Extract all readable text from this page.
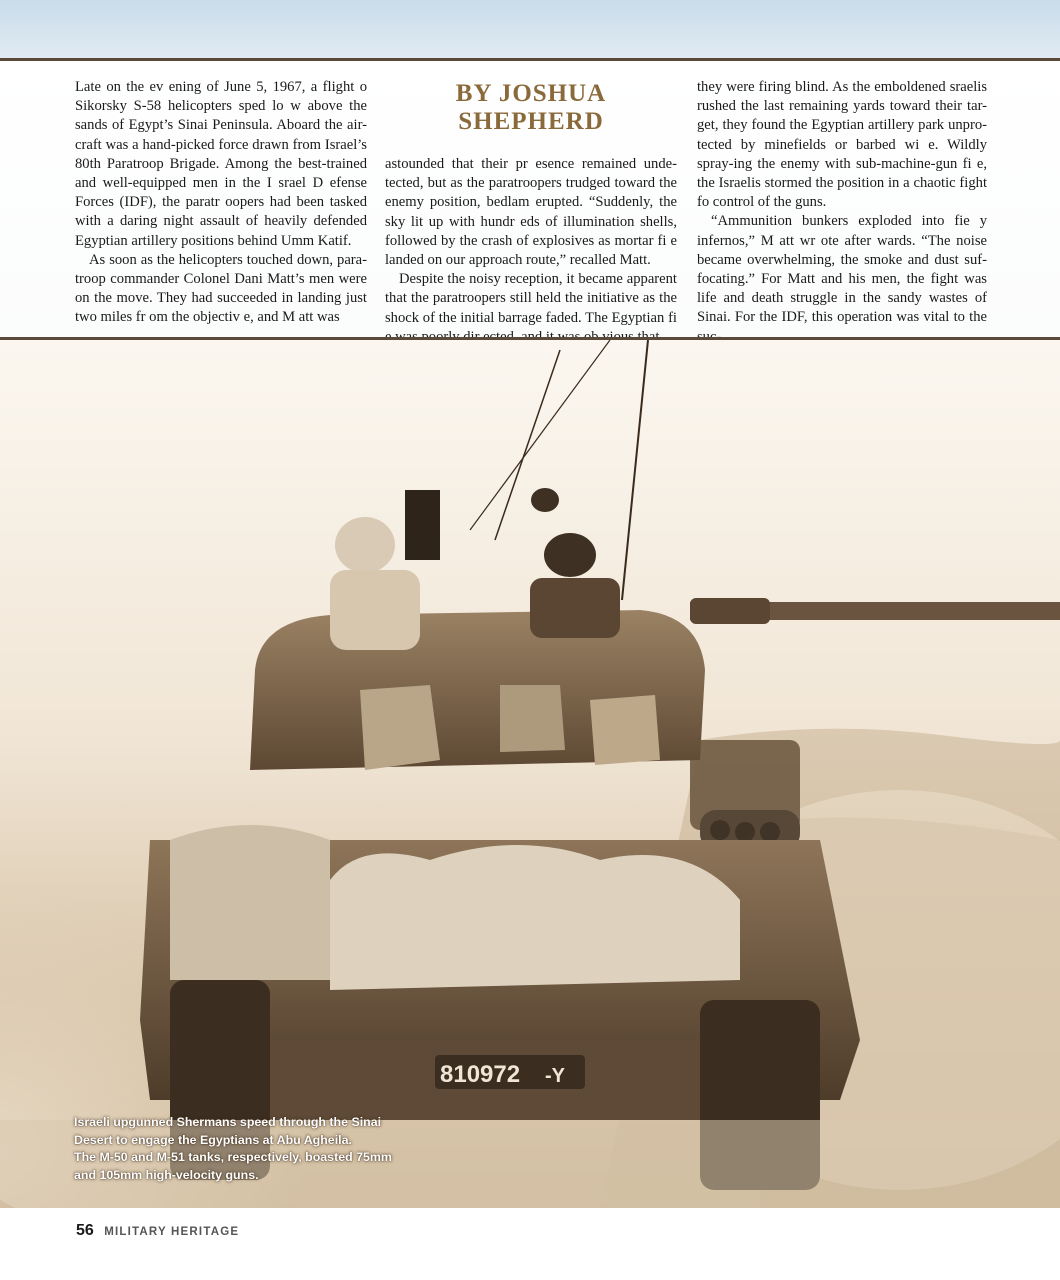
Late on the ev ening of June 5, 1967, a flight o Sikorsky S-58 helicopters sped lo w above the sands of Egypt’s Sinai Peninsula. Aboard the air-craft was a hand-picked force drawn from Israel’s 80th Paratroop Brigade. Among the best-trained and well-equipped men in the I srael D efense Forces (IDF), the paratr oopers had been tasked with a daring night assault of heavily defended Egyptian artillery positions behind Umm Katif.

As soon as the helicopters touched down, para-troop commander Colonel Dani Matt’s men were on the move. They had succeeded in landing just two miles fr om the objectiv e, and M att was

BY JOSHUA SHEPHERD

astounded that their pr esence remained unde-tected, but as the paratroopers trudged toward the enemy position, bedlam erupted. “Suddenly, the sky lit up with hundr eds of illumination shells, followed by the crash of explosives as mortar fi e landed on our approach route,” recalled Matt.

Despite the noisy reception, it became apparent that the paratroopers still held the initiative as the shock of the initial barrage faded. The Egyptian fi

they were firing blind. As the emboldened sraelis rushed the last remaining yards toward their tar-get, they found the Egyptian artillery park unpro-tected by minefields or barbed wi e. Wildly spray-ing the enemy with sub-machine-gun fi e, the Israelis stormed the position in a chaotic fight fo control of the guns.

“Ammunition bunkers exploded into fie y infernos,” M att wr ote after wards. “The noise became overwhelming, the smoke and dust suf-focating.” For Matt and his men, the fight was life and death struggle in the sandy wastes of Sinai. For the IDF, this operation was vital to the

810972 -Y
Israeli upgunned Shermans speed through the Sinai
Desert to engage the Egyptians at Abu Agheila.
The M-50 and M-51 tanks, respectively, boasted 75mm
and 105mm high-velocity guns.
56 MILITARY HERITAGE
